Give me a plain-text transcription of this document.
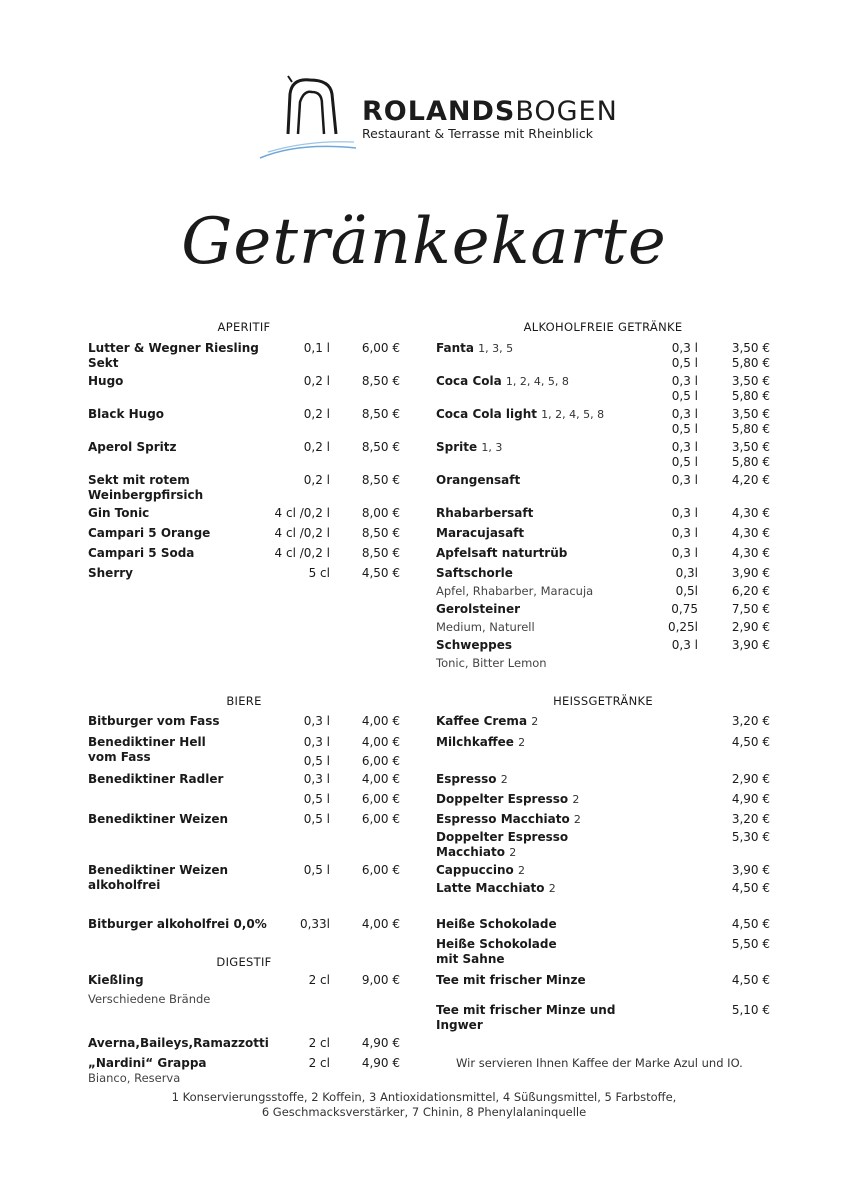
ROLANDSBOGEN
Restaurant & Terrasse mit Rheinblick
Getränkekarte
APERITIF	ALKOHOLFREIE GETRÄNKE
BIERE	HEISSGETRÄNKE
DIGESTIF
Lutter & Wegner Riesling
Sekt
0,1 l	6,00 €
Hugo	0,2 l	8,50 €
Black Hugo	0,2 l	8,50 €
Aperol Spritz	0,2 l	8,50 €
Sekt mit rotem
Weinbergpfirsich
0,2 l	8,50 €
Gin Tonic	4 cl /0,2 l	8,00 €
Campari 5 Orange	4 cl /0,2 l	8,50 €
Campari 5 Soda	4 cl /0,2 l	8,50 €
Sherry	5 cl	4,50 €
Bitburger vom Fass	0,3 l	4,00 €
Benediktiner Hell
vom Fass
0,3 l	4,00 €
0,5 l	6,00 €
Benediktiner Radler	0,3 l	4,00 €
0,5 l	6,00 €
Benediktiner Weizen	0,5 l	6,00 €
Benediktiner Weizen
alkoholfrei
0,5 l	6,00 €
Bitburger alkoholfrei 0,0%	0,33l	4,00 €
Kießling
Verschiedene Brände
2 cl	9,00 €
Averna,Baileys,Ramazzotti	2 cl	4,90 €
„Nardini“ Grappa
Bianco, Reserva
2 cl	4,90 €
Fanta 1, 3, 5	0,3 l	3,50 €
0,5 l	5,80 €
Coca Cola 1, 2, 4, 5, 8	0,3 l	3,50 €
0,5 l	5,80 €
Coca Cola light 1, 2, 4, 5, 8	0,3 l	3,50 €
0,5 l	5,80 €
Sprite 1, 3	0,3 l	3,50 €
0,5 l	5,80 €
Orangensaft	0,3 l	4,20 €
Rhabarbersaft	0,3 l	4,30 €
Maracujasaft	0,3 l	4,30 €
Apfelsaft naturtrüb	0,3 l	4,30 €
Saftschorle
Apfel, Rhabarber, Maracuja
0,3l	3,90 €
0,5l	6,20 €
Gerolsteiner
Medium, Naturell
0,75	7,50 €
0,25l	2,90 €
Schweppes
Tonic, Bitter Lemon
0,3 l	3,90 €
Kaffee Crema 2	3,20 €
Milchkaffee 2	4,50 €
Espresso 2	2,90 €
Doppelter Espresso 2	4,90 €
Espresso Macchiato 2	3,20 €
Doppelter Espresso
Macchiato 2
5,30 €
Cappuccino 2	3,90 €
Latte Macchiato 2	4,50 €
Heiße Schokolade	4,50 €
Heiße Schokolade
mit Sahne
5,50 €
Tee mit frischer Minze	4,50 €
Tee mit frischer Minze und
Ingwer
5,10 €
Wir servieren Ihnen Kaffee der Marke Azul und IO.
1 Konservierungsstoffe, 2 Koffein, 3 Antioxidationsmittel, 4 Süßungsmittel, 5 Farbstoffe,
6 Geschmacksverstärker, 7 Chinin, 8 Phenylalaninquelle
